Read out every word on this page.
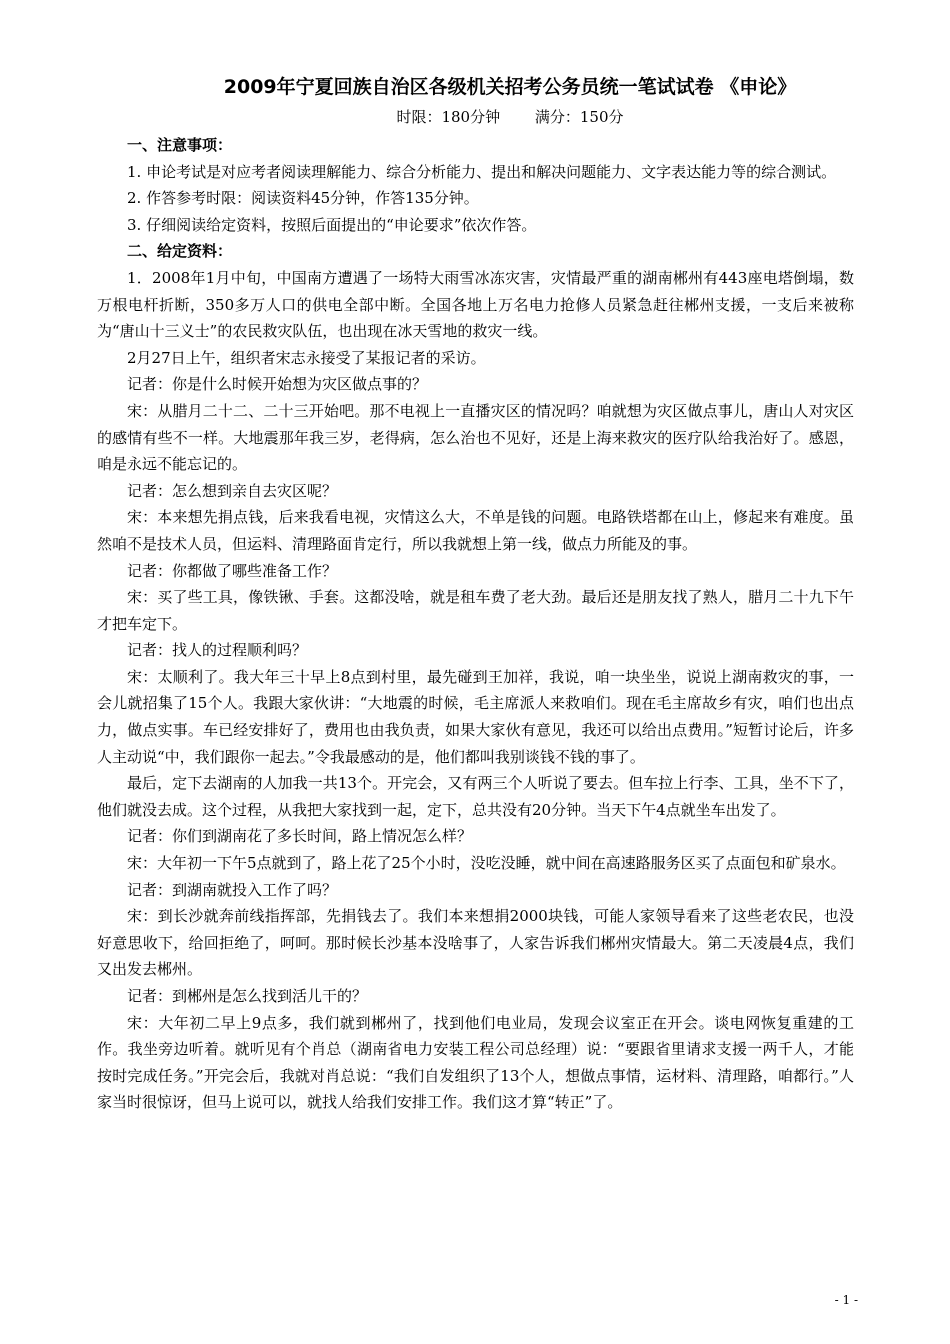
2009年宁夏回族自治区各级机关招考公务员统一笔试试卷 《申论》
时限：180分钟 满分：150分

一、注意事项：

1. 申论考试是对应考者阅读理解能力、综合分析能力、提出和解决问题能力、文字表达能力等的综合测试。

2. 作答参考时限：阅读资料45分钟，作答135分钟。

3. 仔细阅读给定资料，按照后面提出的“申论要求”依次作答。

二、给定资料：

1．2008年1月中旬，中国南方遭遇了一场特大雨雪冰冻灾害，灾情最严重的湖南郴州有443座电塔倒塌，数万根电杆折断，350多万人口的供电全部中断。全国各地上万名电力抢修人员紧急赶往郴州支援，一支后来被称为“唐山十三义士”的农民救灾队伍，也出现在冰天雪地的救灾一线。

2月27日上午，组织者宋志永接受了某报记者的采访。

记者：你是什么时候开始想为灾区做点事的？

宋：从腊月二十二、二十三开始吧。那不电视上一直播灾区的情况吗？咱就想为灾区做点事儿，唐山人对灾区的感情有些不一样。大地震那年我三岁，老得病，怎么治也不见好，还是上海来救灾的医疗队给我治好了。感恩，咱是永远不能忘记的。

记者：怎么想到亲自去灾区呢？

宋：本来想先捐点钱，后来我看电视，灾情这么大，不单是钱的问题。电路铁塔都在山上，修起来有难度。虽然咱不是技术人员，但运料、清理路面肯定行，所以我就想上第一线，做点力所能及的事。

记者：你都做了哪些准备工作？

宋：买了些工具，像铁锹、手套。这都没啥，就是租车费了老大劲。最后还是朋友找了熟人，腊月二十九下午才把车定下。

记者：找人的过程顺利吗？

宋：太顺利了。我大年三十早上8点到村里，最先碰到王加祥，我说，咱一块坐坐，说说上湖南救灾的事，一会儿就招集了15个人。我跟大家伙讲：“大地震的时候，毛主席派人来救咱们。现在毛主席故乡有灾，咱们也出点力，做点实事。车已经安排好了，费用也由我负责，如果大家伙有意见，我还可以给出点费用。”短暂讨论后，许多人主动说“中，我们跟你一起去。”令我最感动的是，他们都叫我别谈钱不钱的事了。

最后，定下去湖南的人加我一共13个。开完会，又有两三个人听说了要去。但车拉上行李、工具，坐不下了，他们就没去成。这个过程，从我把大家找到一起，定下，总共没有20分钟。当天下午4点就坐车出发了。

记者：你们到湖南花了多长时间，路上情况怎么样？

宋：大年初一下午5点就到了，路上花了25个小时，没吃没睡，就中间在高速路服务区买了点面包和矿泉水。

记者：到湖南就投入工作了吗？

宋：到长沙就奔前线指挥部，先捐钱去了。我们本来想捐2000块钱，可能人家领导看来了这些老农民，也没好意思收下，给回拒绝了，呵呵。那时候长沙基本没啥事了，人家告诉我们郴州灾情最大。第二天凌晨4点，我们又出发去郴州。

记者：到郴州是怎么找到活儿干的？

宋：大年初二早上9点多，我们就到郴州了，找到他们电业局，发现会议室正在开会。谈电网恢复重建的工作。我坐旁边听着。就听见有个肖总（湖南省电力安装工程公司总经理）说：“要跟省里请求支援一两千人，才能按时完成任务。”开完会后，我就对肖总说：“我们自发组织了13个人，想做点事情，运材料、清理路，咱都行。”人家当时很惊讶，但马上说可以，就找人给我们安排工作。我们这才算“转正”了。

- 1 -
